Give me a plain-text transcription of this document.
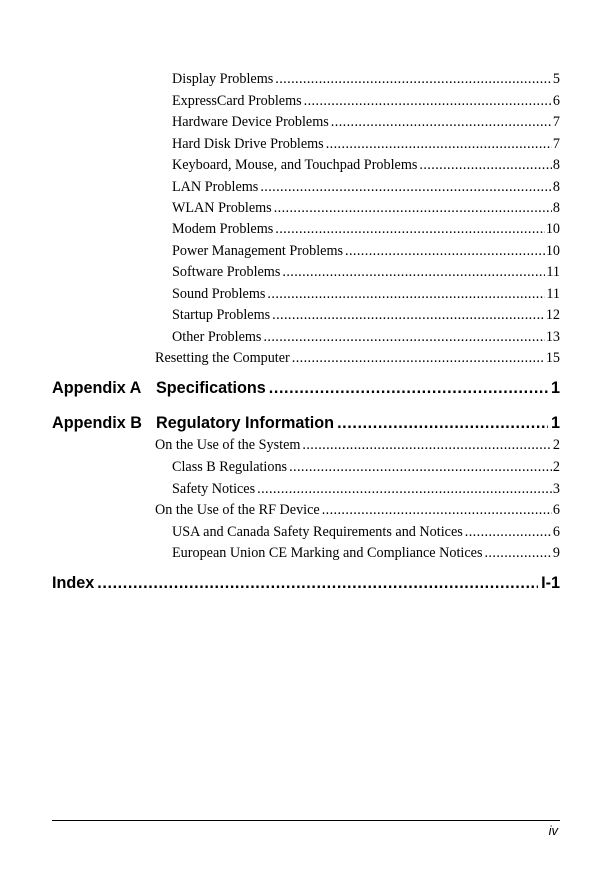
Display Problems .....	5
ExpressCard Problems .....	6
Hardware Device Problems .....	7
Hard Disk Drive Problems .....	7
Keyboard, Mouse, and Touchpad Problems .....	8
LAN Problems .....	8
WLAN Problems .....	8
Modem Problems .....	10
Power Management Problems .....	10
Software Problems .....	11
Sound Problems .....	11
Startup Problems .....	12
Other Problems .....	13
Resetting the Computer .....	15
Appendix A Specifications .....	1
Appendix B Regulatory Information .....	1
On the Use of the System .....	2
Class B Regulations .....	2
Safety Notices .....	3
On the Use of the RF Device .....	6
USA and Canada Safety Requirements and Notices .....	6
European Union CE Marking and Compliance Notices .....	9
Index .....	I-1
iv
